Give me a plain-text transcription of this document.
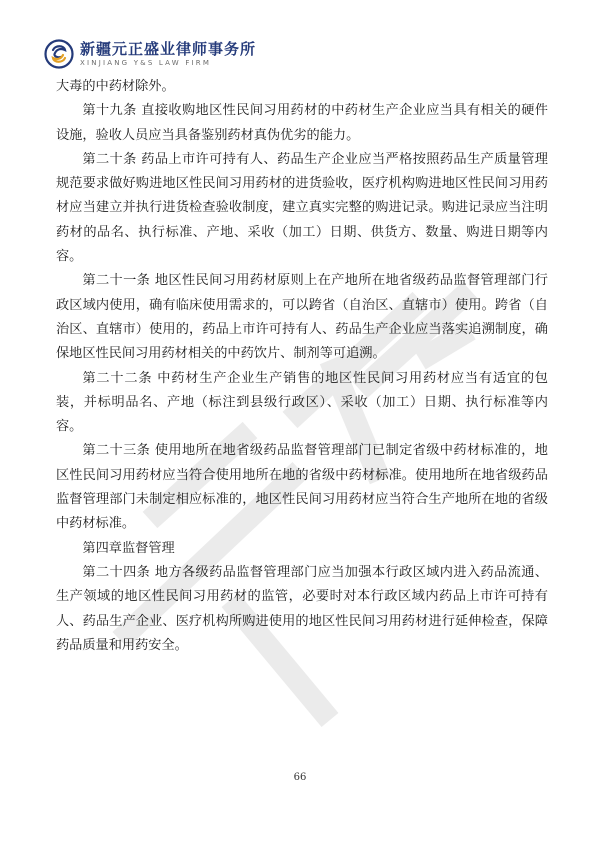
新疆元正盛业律师事务所
XINJIANG Y&S LAW FIRM

大毒的中药材除外。

第十九条 直接收购地区性民间习用药材的中药材生产企业应当具有相关的硬件设施，验收人员应当具备鉴别药材真伪优劣的能力。

第二十条 药品上市许可持有人、药品生产企业应当严格按照药品生产质量管理规范要求做好购进地区性民间习用药材的进货验收，医疗机构购进地区性民间习用药材应当建立并执行进货检查验收制度，建立真实完整的购进记录。购进记录应当注明药材的品名、执行标准、产地、采收（加工）日期、供货方、数量、购进日期等内容。

第二十一条 地区性民间习用药材原则上在产地所在地省级药品监督管理部门行政区域内使用，确有临床使用需求的，可以跨省（自治区、直辖市）使用。跨省（自治区、直辖市）使用的，药品上市许可持有人、药品生产企业应当落实追溯制度，确保地区性民间习用药材相关的中药饮片、制剂等可追溯。

第二十二条 中药材生产企业生产销售的地区性民间习用药材应当有适宜的包装，并标明品名、产地（标注到县级行政区）、采收（加工）日期、执行标准等内容。

第二十三条 使用地所在地省级药品监督管理部门已制定省级中药材标准的，地区性民间习用药材应当符合使用地所在地的省级中药材标准。使用地所在地省级药品监督管理部门未制定相应标准的，地区性民间习用药材应当符合生产地所在地的省级中药材标准。

第四章监督管理

第二十四条 地方各级药品监督管理部门应当加强本行政区域内进入药品流通、生产领域的地区性民间习用药材的监管，必要时对本行政区域内药品上市许可持有人、药品生产企业、医疗机构所购进使用的地区性民间习用药材进行延伸检查，保障药品质量和用药安全。

66
